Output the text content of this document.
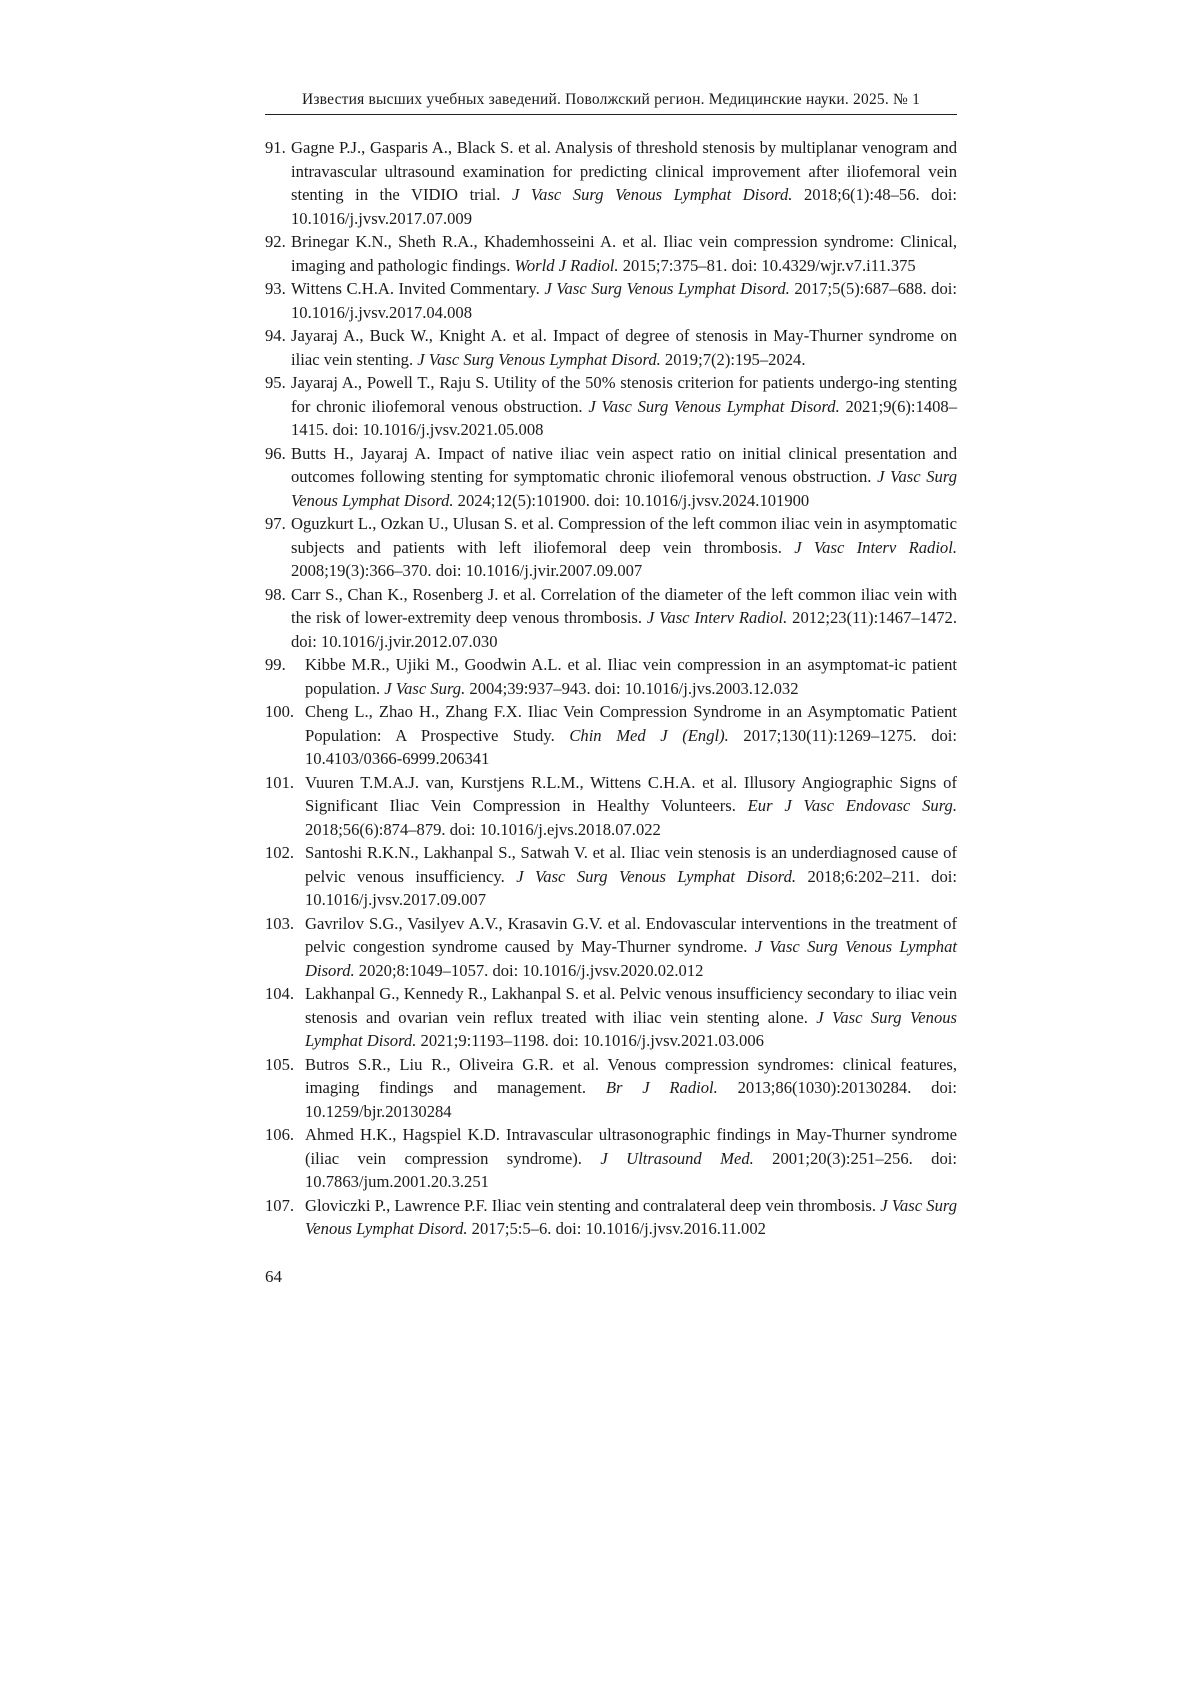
Известия высших учебных заведений. Поволжский регион. Медицинские науки. 2025. № 1
91. Gagne P.J., Gasparis A., Black S. et al. Analysis of threshold stenosis by multiplanar venogram and intravascular ultrasound examination for predicting clinical improvement after iliofemoral vein stenting in the VIDIO trial. J Vasc Surg Venous Lymphat Disord. 2018;6(1):48–56. doi: 10.1016/j.jvsv.2017.07.009
92. Brinegar K.N., Sheth R.A., Khademhosseini A. et al. Iliac vein compression syndrome: Clinical, imaging and pathologic findings. World J Radiol. 2015;7:375–81. doi: 10.4329/wjr.v7.i11.375
93. Wittens C.H.A. Invited Commentary. J Vasc Surg Venous Lymphat Disord. 2017;5(5):687–688. doi: 10.1016/j.jvsv.2017.04.008
94. Jayaraj A., Buck W., Knight A. et al. Impact of degree of stenosis in May-Thurner syndrome on iliac vein stenting. J Vasc Surg Venous Lymphat Disord. 2019;7(2):195–2024.
95. Jayaraj A., Powell T., Raju S. Utility of the 50% stenosis criterion for patients undergo-ing stenting for chronic iliofemoral venous obstruction. J Vasc Surg Venous Lymphat Disord. 2021;9(6):1408–1415. doi: 10.1016/j.jvsv.2021.05.008
96. Butts H., Jayaraj A. Impact of native iliac vein aspect ratio on initial clinical presentation and outcomes following stenting for symptomatic chronic iliofemoral venous obstruction. J Vasc Surg Venous Lymphat Disord. 2024;12(5):101900. doi: 10.1016/j.jvsv.2024.101900
97. Oguzkurt L., Ozkan U., Ulusan S. et al. Compression of the left common iliac vein in asymptomatic subjects and patients with left iliofemoral deep vein thrombosis. J Vasc Interv Radiol. 2008;19(3):366–370. doi: 10.1016/j.jvir.2007.09.007
98. Carr S., Chan K., Rosenberg J. et al. Correlation of the diameter of the left common iliac vein with the risk of lower-extremity deep venous thrombosis. J Vasc Interv Radiol. 2012;23(11):1467–1472. doi: 10.1016/j.jvir.2012.07.030
99. Kibbe M.R., Ujiki M., Goodwin A.L. et al. Iliac vein compression in an asymptomat-ic patient population. J Vasc Surg. 2004;39:937–943. doi: 10.1016/j.jvs.2003.12.032
100. Cheng L., Zhao H., Zhang F.X. Iliac Vein Compression Syndrome in an Asymptomatic Patient Population: A Prospective Study. Chin Med J (Engl). 2017;130(11):1269–1275. doi: 10.4103/0366-6999.206341
101. Vuuren T.M.A.J. van, Kurstjens R.L.M., Wittens C.H.A. et al. Illusory Angiographic Signs of Significant Iliac Vein Compression in Healthy Volunteers. Eur J Vasc Endovasc Surg. 2018;56(6):874–879. doi: 10.1016/j.ejvs.2018.07.022
102. Santoshi R.K.N., Lakhanpal S., Satwah V. et al. Iliac vein stenosis is an underdiagnosed cause of pelvic venous insufficiency. J Vasc Surg Venous Lymphat Disord. 2018;6:202–211. doi: 10.1016/j.jvsv.2017.09.007
103. Gavrilov S.G., Vasilyev A.V., Krasavin G.V. et al. Endovascular interventions in the treatment of pelvic congestion syndrome caused by May-Thurner syndrome. J Vasc Surg Venous Lymphat Disord. 2020;8:1049–1057. doi: 10.1016/j.jvsv.2020.02.012
104. Lakhanpal G., Kennedy R., Lakhanpal S. et al. Pelvic venous insufficiency secondary to iliac vein stenosis and ovarian vein reflux treated with iliac vein stenting alone. J Vasc Surg Venous Lymphat Disord. 2021;9:1193–1198. doi: 10.1016/j.jvsv.2021.03.006
105. Butros S.R., Liu R., Oliveira G.R. et al. Venous compression syndromes: clinical features, imaging findings and management. Br J Radiol. 2013;86(1030):20130284. doi: 10.1259/bjr.20130284
106. Ahmed H.K., Hagspiel K.D. Intravascular ultrasonographic findings in May-Thurner syndrome (iliac vein compression syndrome). J Ultrasound Med. 2001;20(3):251–256. doi: 10.7863/jum.2001.20.3.251
107. Gloviczki P., Lawrence P.F. Iliac vein stenting and contralateral deep vein thrombosis. J Vasc Surg Venous Lymphat Disord. 2017;5:5–6. doi: 10.1016/j.jvsv.2016.11.002
64
